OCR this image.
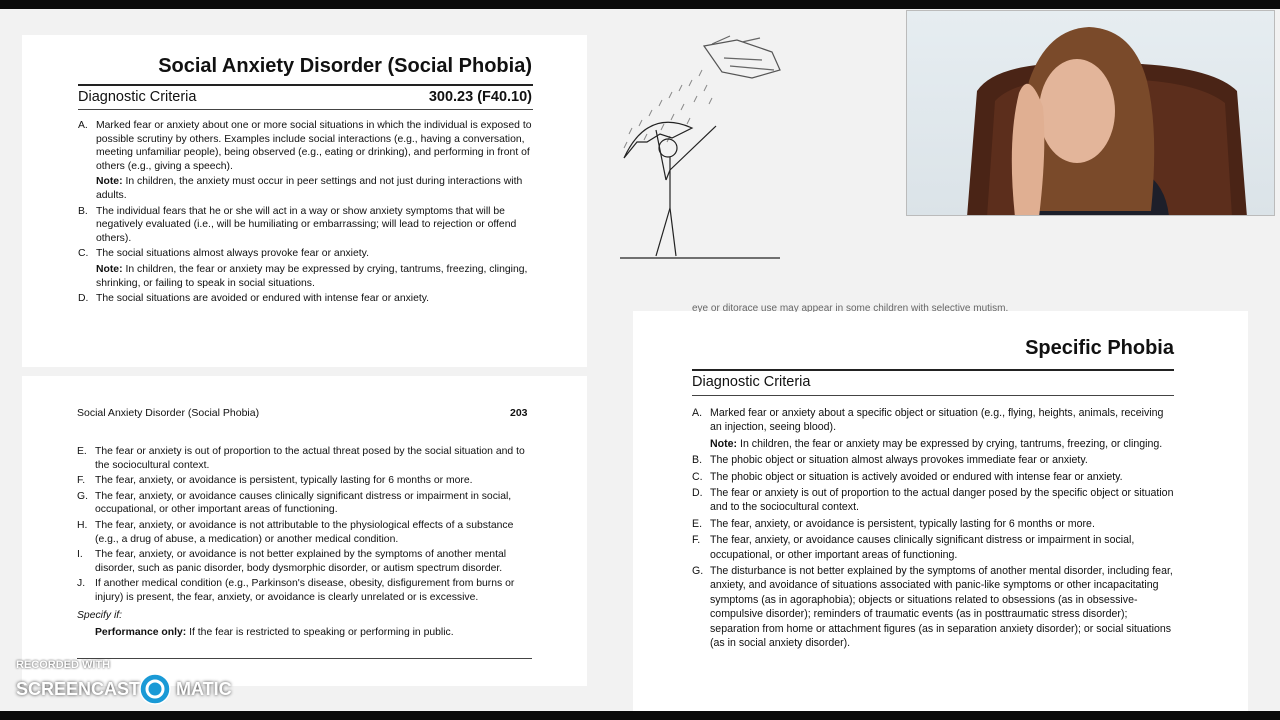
Social Anxiety Disorder (Social Phobia)
Diagnostic Criteria	300.23 (F40.10)
A. Marked fear or anxiety about one or more social situations in which the individual is exposed to possible scrutiny by others. Examples include social interactions (e.g., having a conversation, meeting unfamiliar people), being observed (e.g., eating or drinking), and performing in front of others (e.g., giving a speech).
Note: In children, the anxiety must occur in peer settings and not just during interactions with adults.
B. The individual fears that he or she will act in a way or show anxiety symptoms that will be negatively evaluated (i.e., will be humiliating or embarrassing; will lead to rejection or offend others).
C. The social situations almost always provoke fear or anxiety.
Note: In children, the fear or anxiety may be expressed by crying, tantrums, freezing, clinging, shrinking, or failing to speak in social situations.
D. The social situations are avoided or endured with intense fear or anxiety.
Social Anxiety Disorder (Social Phobia)	203
E. The fear or anxiety is out of proportion to the actual threat posed by the social situation and to the sociocultural context.
F. The fear, anxiety, or avoidance is persistent, typically lasting for 6 months or more.
G. The fear, anxiety, or avoidance causes clinically significant distress or impairment in social, occupational, or other important areas of functioning.
H. The fear, anxiety, or avoidance is not attributable to the physiological effects of a substance (e.g., a drug of abuse, a medication) or another medical condition.
I.	The fear, anxiety, or avoidance is not better explained by the symptoms of another mental disorder, such as panic disorder, body dysmorphic disorder, or autism spectrum disorder.
J. If another medical condition (e.g., Parkinson's disease, obesity, disfigurement from burns or injury) is present, the fear, anxiety, or avoidance is clearly unrelated or is excessive.
Specify if:
Performance only: If the fear is restricted to speaking or performing in public.
eye or ditorace use may appear in some children with selective mutism.
Specific Phobia
Diagnostic Criteria
A. Marked fear or anxiety about a specific object or situation (e.g., flying, heights, animals, receiving an injection, seeing blood).
Note: In children, the fear or anxiety may be expressed by crying, tantrums, freezing, or clinging.
B. The phobic object or situation almost always provokes immediate fear or anxiety.
C. The phobic object or situation is actively avoided or endured with intense fear or anxiety.
D. The fear or anxiety is out of proportion to the actual danger posed by the specific object or situation and to the sociocultural context.
E. The fear, anxiety, or avoidance is persistent, typically lasting for 6 months or more.
F. The fear, anxiety, or avoidance causes clinically significant distress or impairment in social, occupational, or other important areas of functioning.
G. The disturbance is not better explained by the symptoms of another mental disorder, including fear, anxiety, and avoidance of situations associated with panic-like symptoms or other incapacitating symptoms (as in agoraphobia); objects or situations related to obsessions (as in obsessive-compulsive disorder); reminders of traumatic events (as in posttraumatic stress disorder); separation from home or attachment figures (as in separation anxiety disorder); or social situations (as in social anxiety disorder).
RECORDED WITH
SCREENCAST MATIC
